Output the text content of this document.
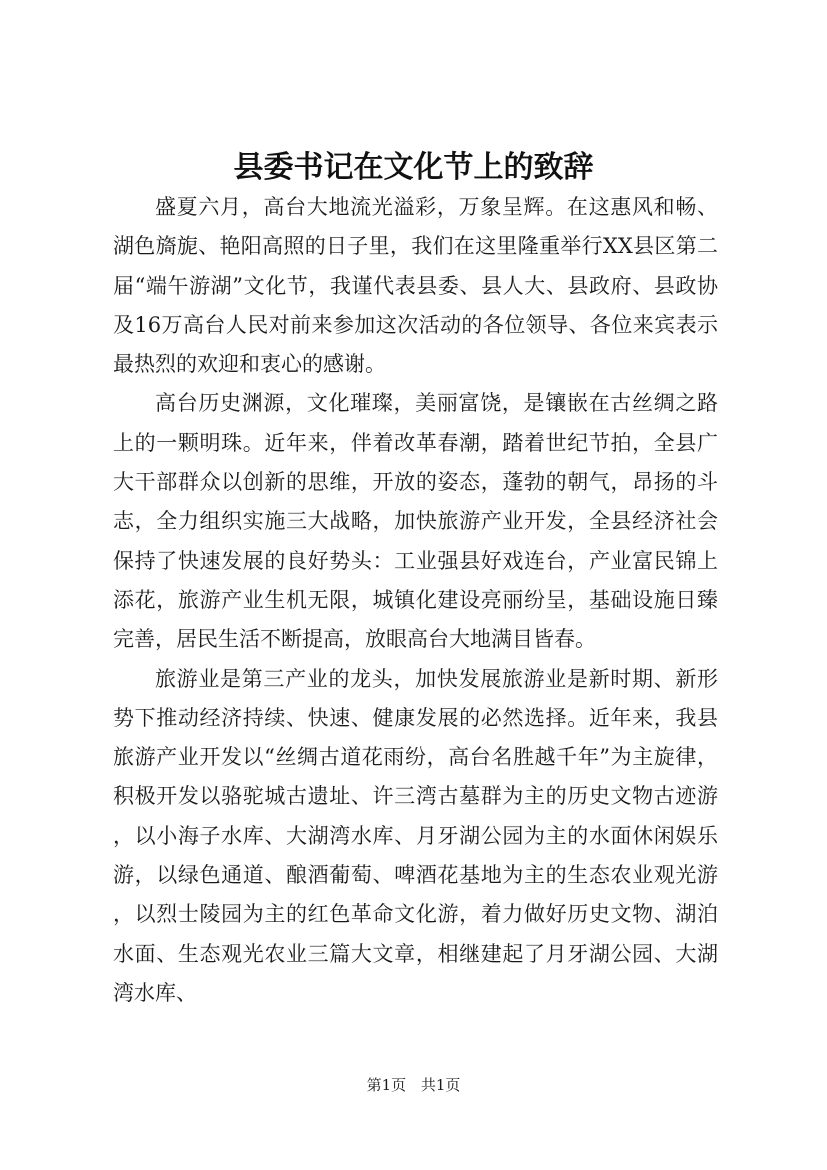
县委书记在文化节上的致辞

盛夏六月，高台大地流光溢彩，万象呈辉。在这惠风和畅、湖色旖旎、艳阳高照的日子里，我们在这里隆重举行XX县区第二届“端午游湖”文化节，我谨代表县委、县人大、县政府、县政协及16万高台人民对前来参加这次活动的各位领导、各位来宾表示最热烈的欢迎和衷心的感谢。

高台历史渊源，文化璀璨，美丽富饶，是镶嵌在古丝绸之路上的一颗明珠。近年来，伴着改革春潮，踏着世纪节拍，全县广大干部群众以创新的思维，开放的姿态，蓬勃的朝气，昂扬的斗志，全力组织实施三大战略，加快旅游产业开发，全县经济社会保持了快速发展的良好势头：工业强县好戏连台，产业富民锦上添花，旅游产业生机无限，城镇化建设亮丽纷呈，基础设施日臻完善，居民生活不断提高，放眼高台大地满目皆春。

旅游业是第三产业的龙头，加快发展旅游业是新时期、新形势下推动经济持续、快速、健康发展的必然选择。近年来，我县旅游产业开发以“丝绸古道花雨纷，高台名胜越千年”为主旋律，积极开发以骆驼城古遗址、许三湾古墓群为主的历史文物古迹游，以小海子水库、大湖湾水库、月牙湖公园为主的水面休闲娱乐游，以绿色通道、酿酒葡萄、啤酒花基地为主的生态农业观光游，以烈士陵园为主的红色革命文化游，着力做好历史文物、湖泊水面、生态观光农业三篇大文章，相继建起了月牙湖公园、大湖湾水库、

第1页 共1页
